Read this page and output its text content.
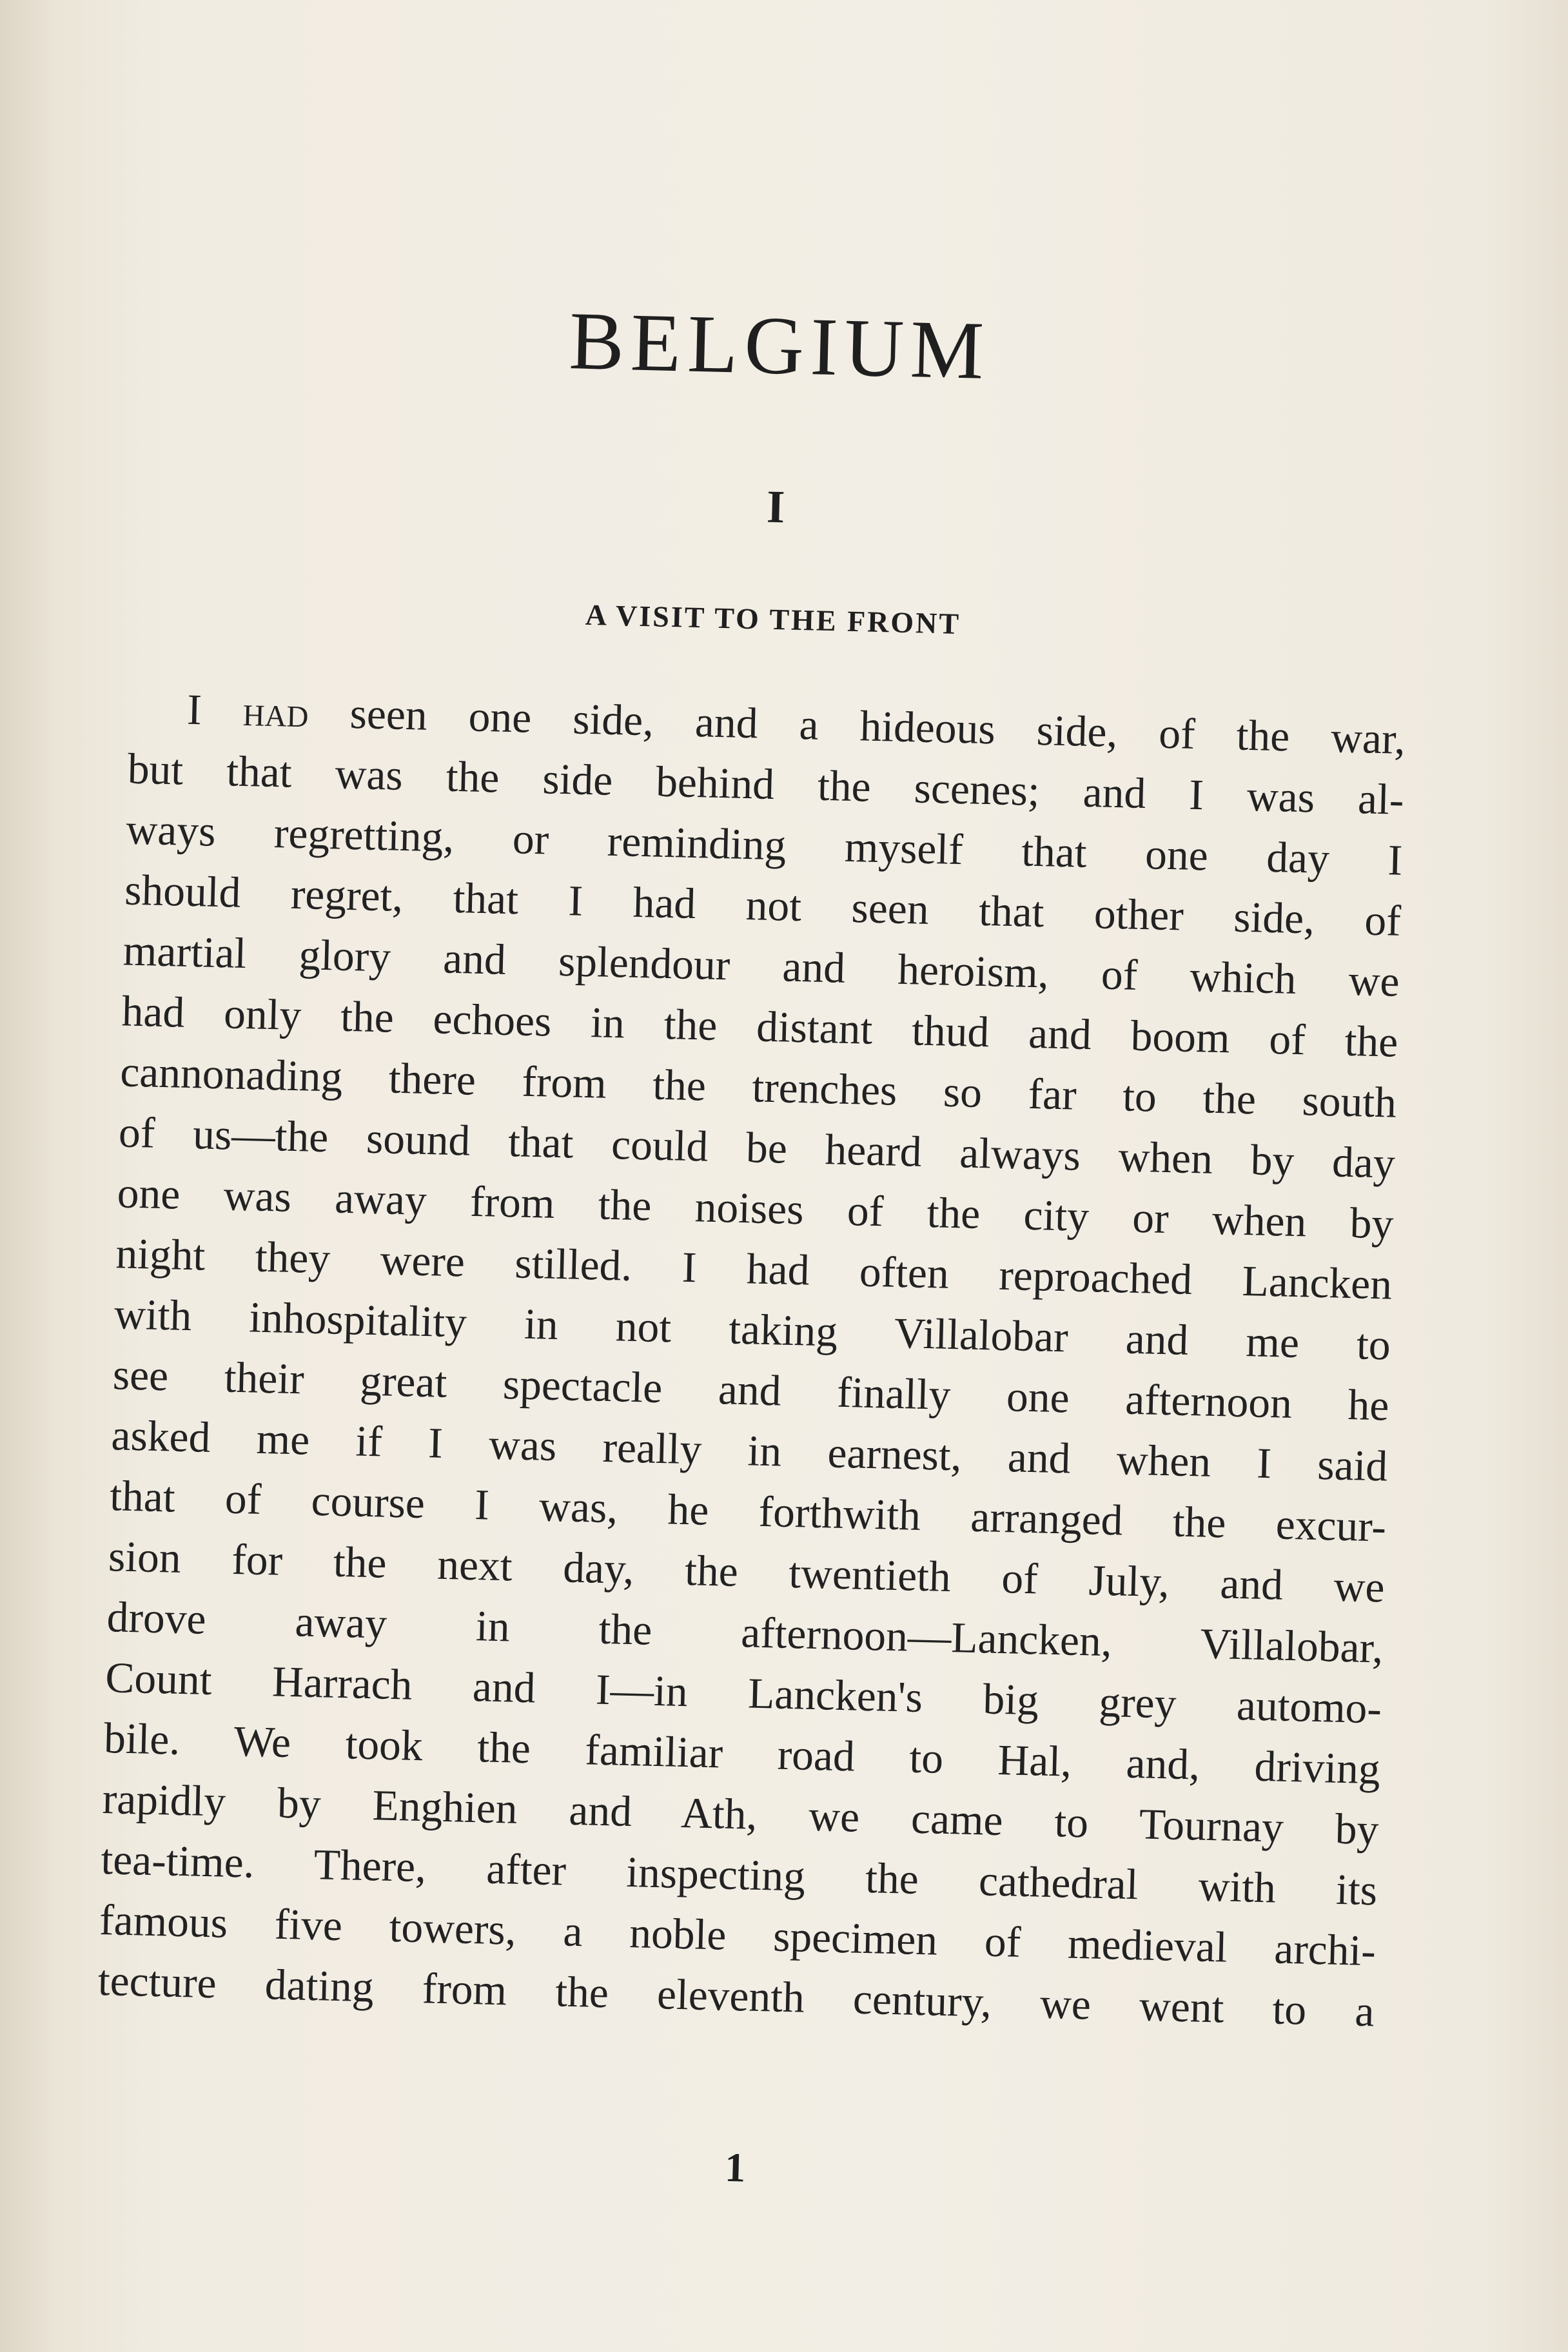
BELGIUM
I
A VISIT TO THE FRONT
I had seen one side, and a hideous side, of the war,
but that was the side behind the scenes; and I was al-
ways regretting, or reminding myself that one day I
should regret, that I had not seen that other side, of
martial glory and splendour and heroism, of which we
had only the echoes in the distant thud and boom of the
cannonading there from the trenches so far to the south
of us—the sound that could be heard always when by day
one was away from the noises of the city or when by
night they were stilled. I had often reproached Lancken
with inhospitality in not taking Villalobar and me to
see their great spectacle and finally one afternoon he
asked me if I was really in earnest, and when I said
that of course I was, he forthwith arranged the excur-
sion for the next day, the twentieth of July, and we
drove away in the afternoon—Lancken, Villalobar,
Count Harrach and I—in Lancken's big grey automo-
bile. We took the familiar road to Hal, and, driving
rapidly by Enghien and Ath, we came to Tournay by
tea-time. There, after inspecting the cathedral with its
famous five towers, a noble specimen of medieval archi-
tecture dating from the eleventh century, we went to a
1
